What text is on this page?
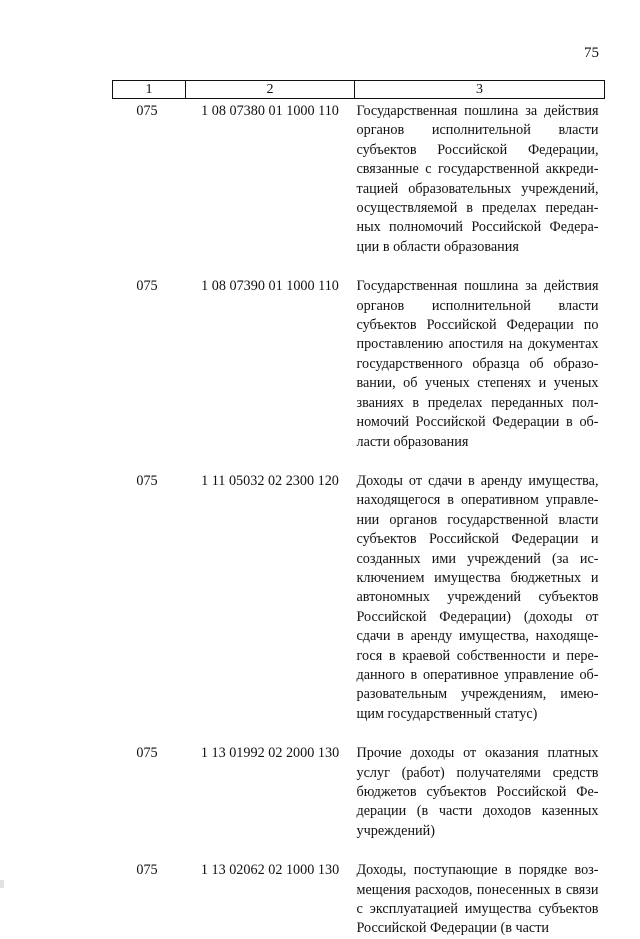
75
1	2	3
075	1 08 07380 01 1000 110	Государственная пошлина за действия органов исполнительной власти субъектов Российской Федерации, связанные с государственной аккредитацией образовательных учреждений, осуществляемой в пределах переданных полномочий Российской Федерации в области образования
075	1 08 07390 01 1000 110	Государственная пошлина за действия органов исполнительной власти субъектов Российской Федерации по проставлению апостиля на документах государственного образца об образовании, об ученых степенях и ученых званиях в пределах переданных полномочий Российской Федерации в области образования
075	1 11 05032 02 2300 120	Доходы от сдачи в аренду имущества, находящегося в оперативном управлении органов государственной власти субъектов Российской Федерации и созданных ими учреждений (за исключением имущества бюджетных и автономных учреждений субъектов Российской Федерации) (доходы от сдачи в аренду имущества, находящегося в краевой собственности и переданного в оперативное управление образовательным учреждениям, имеющим государственный статус)
075	1 13 01992 02 2000 130	Прочие доходы от оказания платных услуг (работ) получателями средств бюджетов субъектов Российской Федерации (в части доходов казенных учреждений)
075	1 13 02062 02 1000 130	Доходы, поступающие в порядке возмещения расходов, понесенных в связи с эксплуатацией имущества субъектов Российской Федерации (в части
